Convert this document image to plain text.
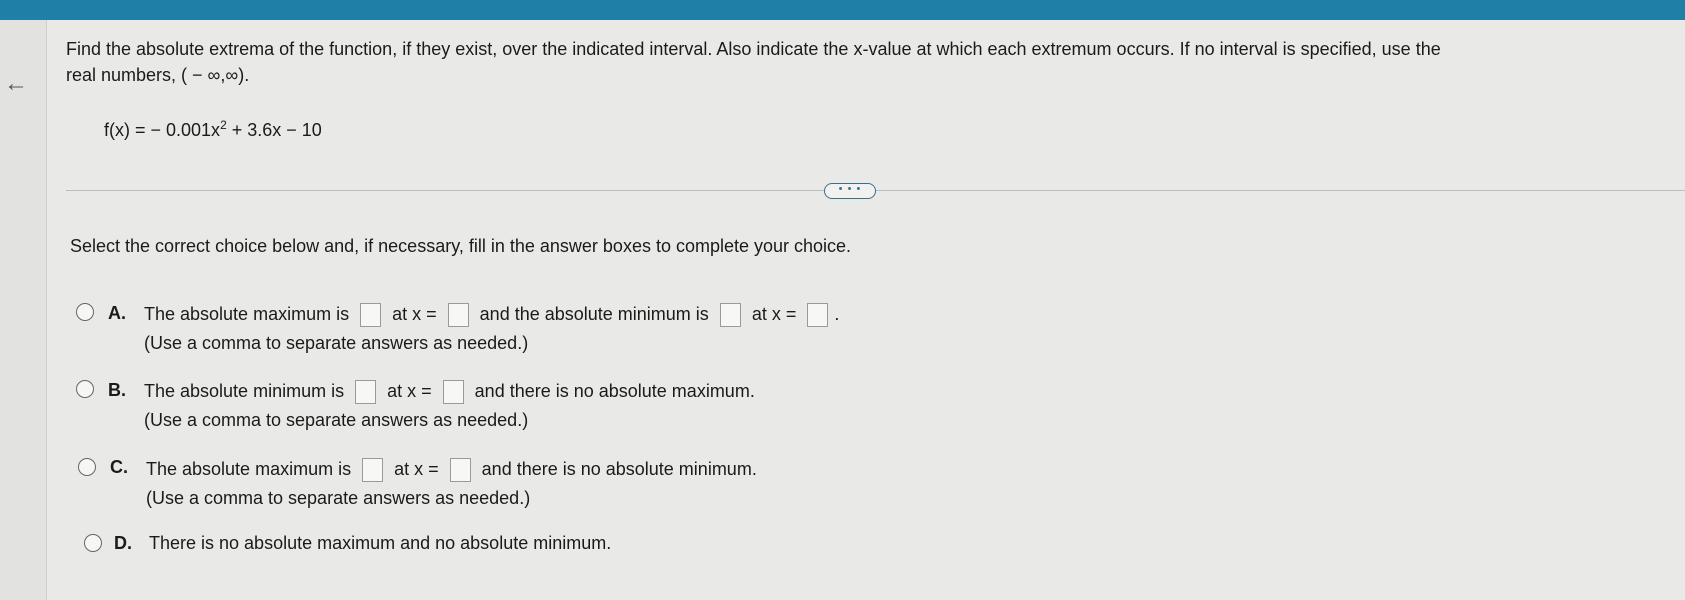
←

Find the absolute extrema of the function, if they exist, over the indicated interval. Also indicate the x-value at which each extremum occurs. If no interval is specified, use the

real numbers, ( − ∞,∞).

f(x) = − $0.001x^2 + 3.6x - 10$
• • •
Select the correct choice below and, if necessary, fill in the answer boxes to complete your choice.
A. The absolute maximum is at x = and the absolute minimum is at x = .
(Use a comma to separate answers as needed.)
B. The absolute minimum is at x = and there is no absolute maximum.
(Use a comma to separate answers as needed.)
C. The absolute maximum is at x = and there is no absolute minimum.
(Use a comma to separate answers as needed.)
D. There is no absolute maximum and no absolute minimum.
